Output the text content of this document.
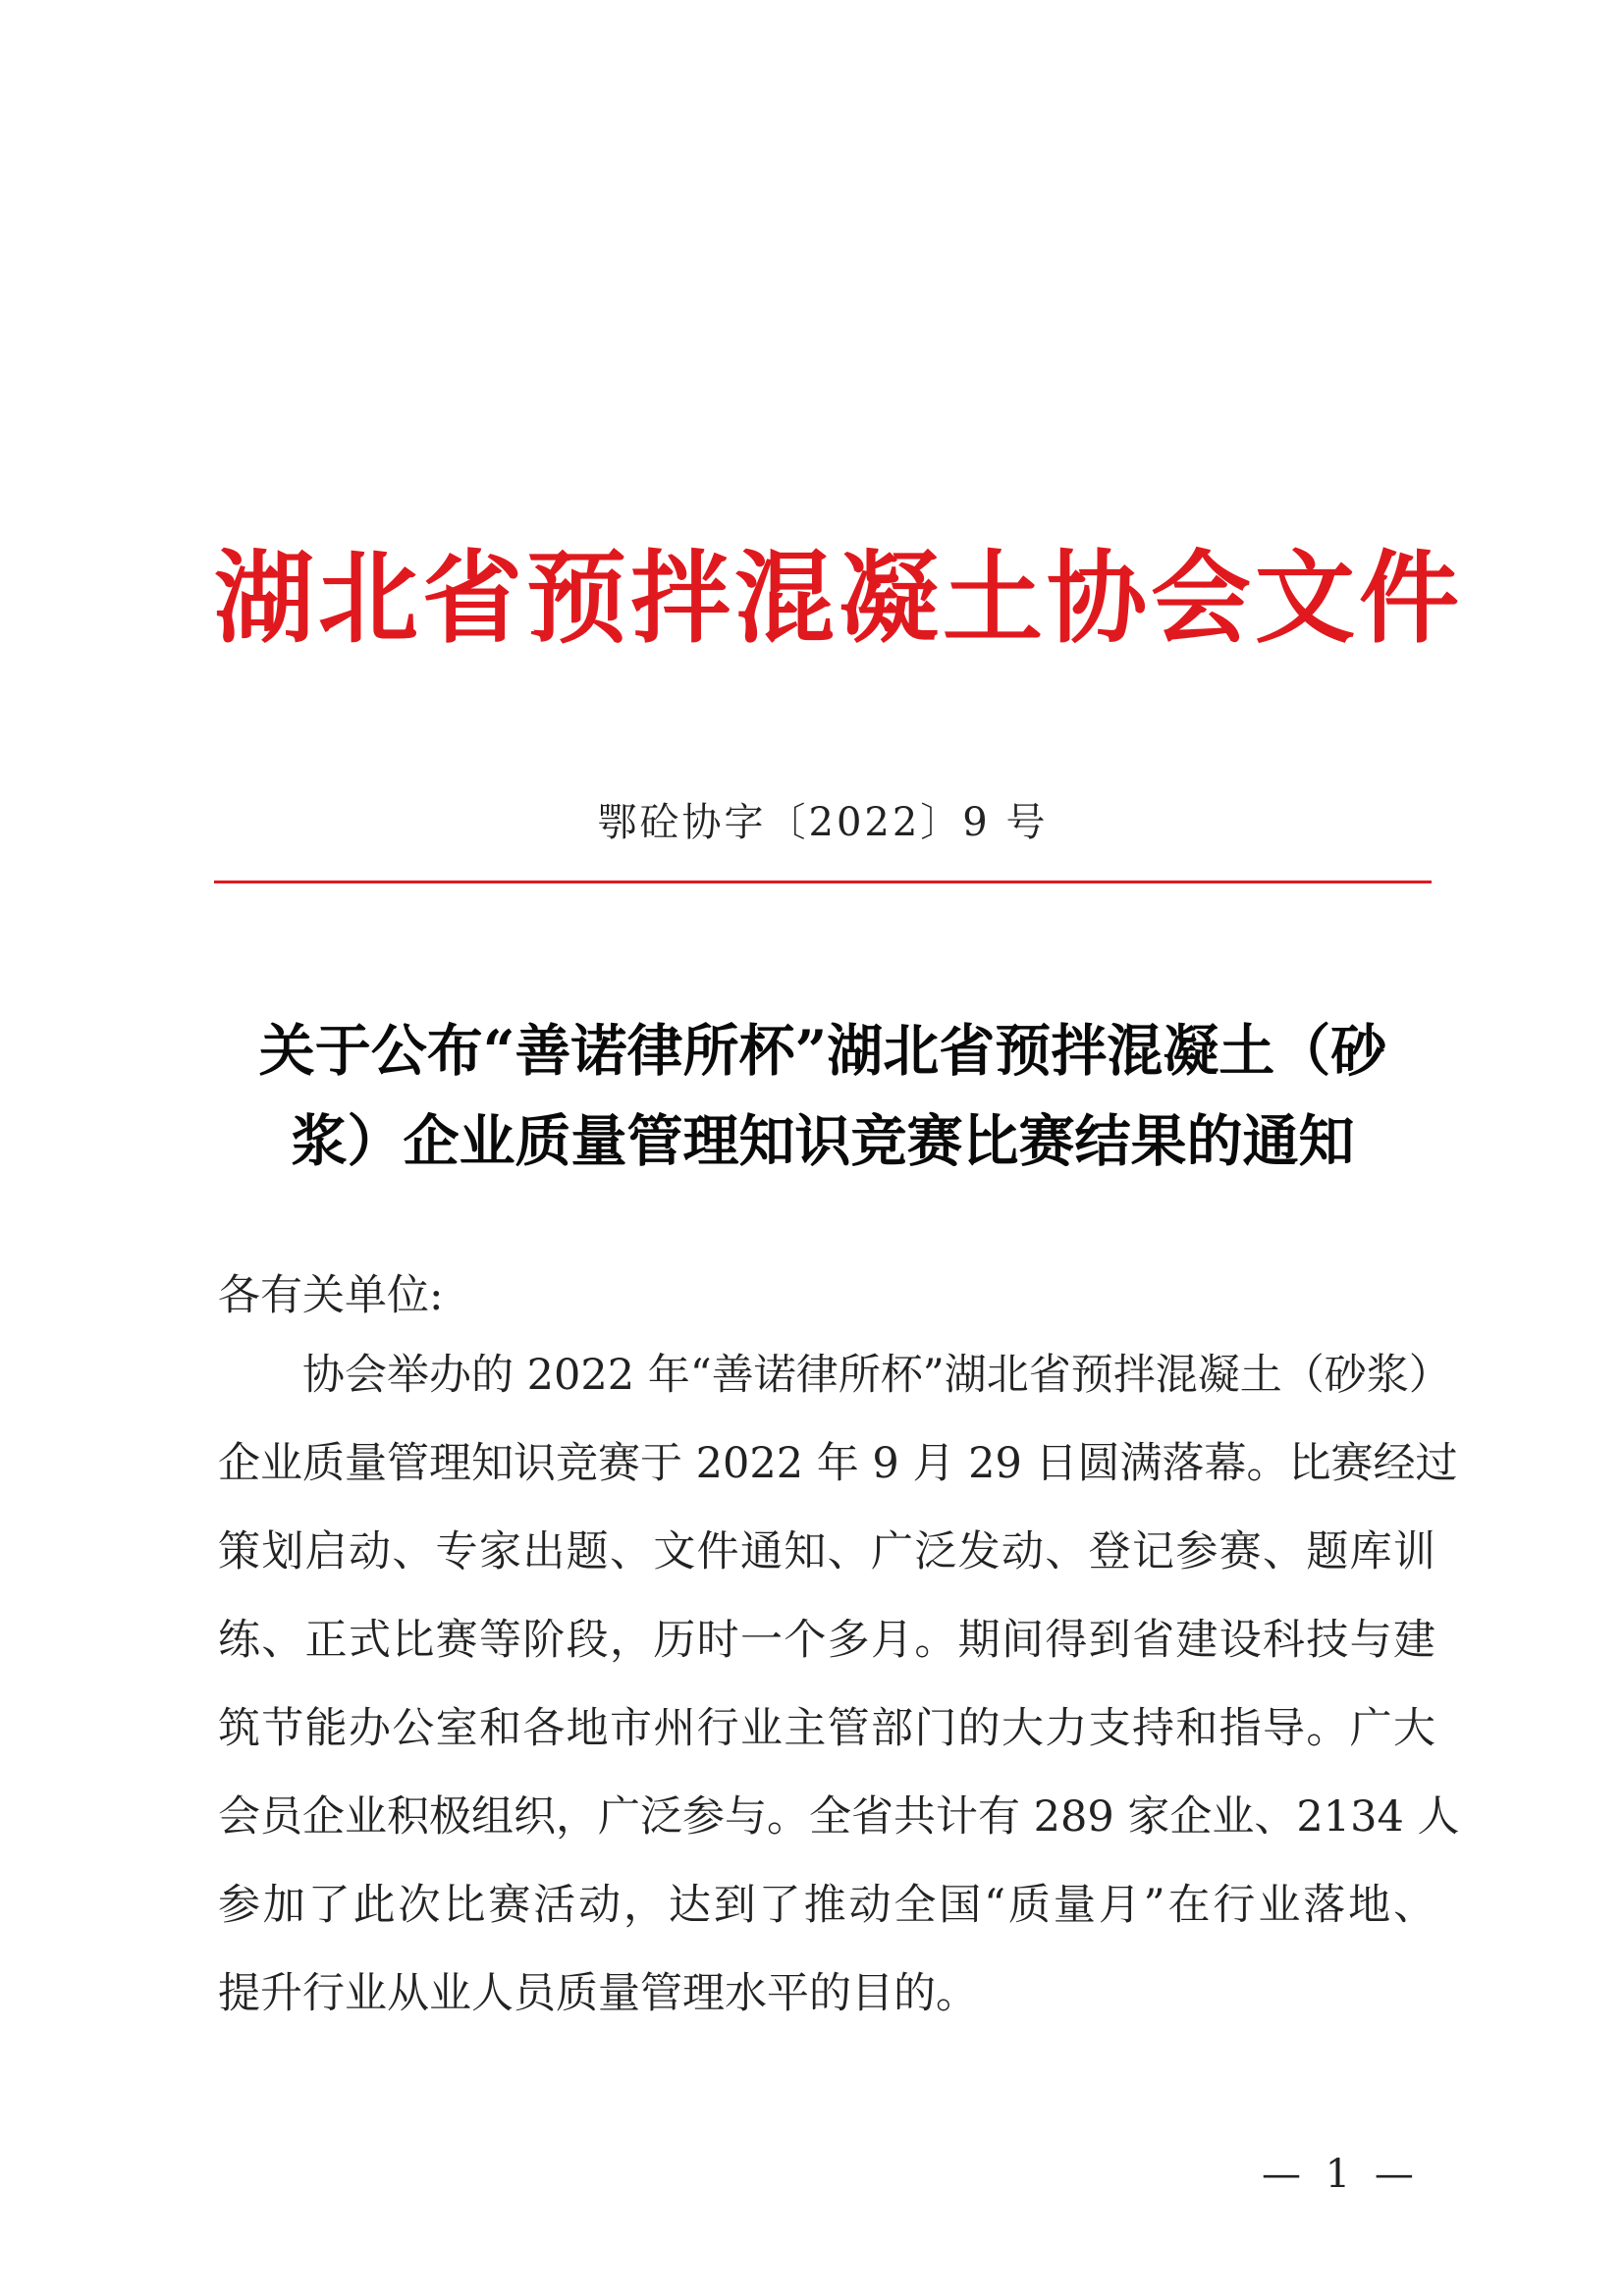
湖北省预拌混凝土协会文件
鄂砼协字〔2022〕9 号
关于公布“善诺律所杯”湖北省预拌混凝土（砂
浆）企业质量管理知识竞赛比赛结果的通知
各有关单位:
协会举办的 2022 年“善诺律所杯”湖北省预拌混凝土（砂浆）
企业质量管理知识竞赛于 2022 年 9 月 29 日圆满落幕。比赛经过
策划启动、专家出题、文件通知、广泛发动、登记参赛、题库训
练、正式比赛等阶段，历时一个多月。期间得到省建设科技与建
筑节能办公室和各地市州行业主管部门的大力支持和指导。广大
会员企业积极组织，广泛参与。全省共计有 289 家企业、2134 人
参加了此次比赛活动，达到了推动全国“质量月”在行业落地、
提升行业从业人员质量管理水平的目的。
— 1 —
